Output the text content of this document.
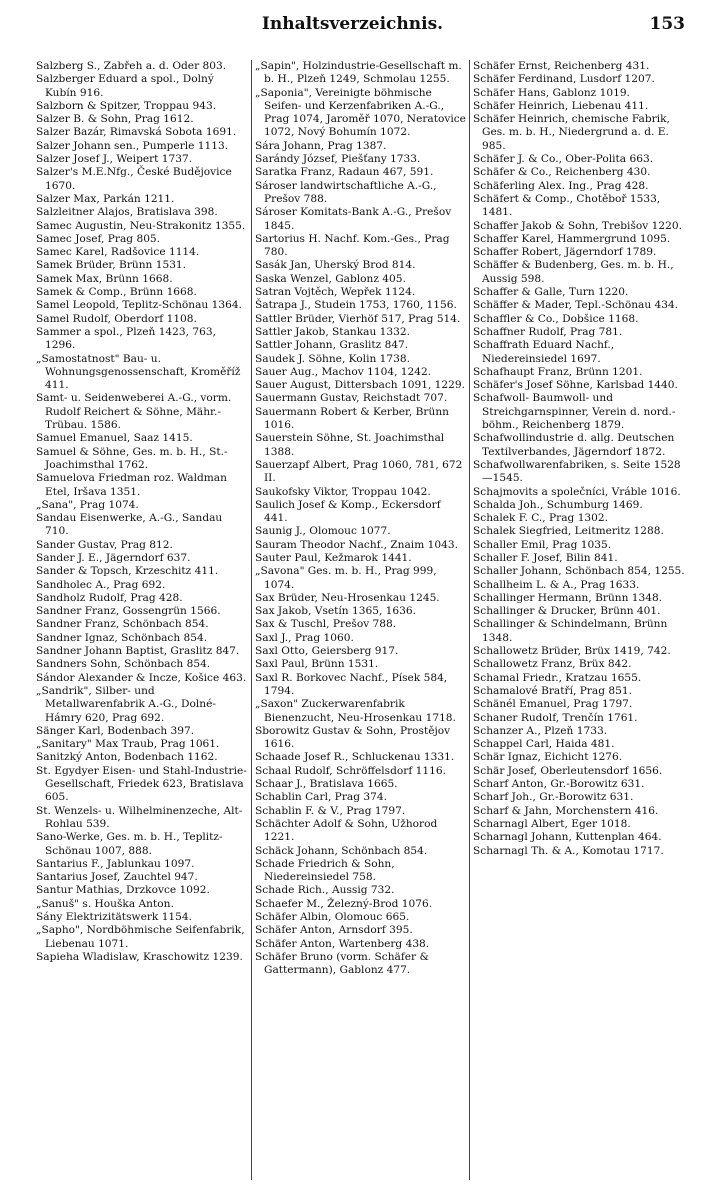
Inhaltsverzeichnis.	153

Salzberg S., Zabřeh a. d. Oder 803.

Salzberger Eduard a spol., Dolný Kubín 916.

Salzborn & Spitzer, Troppau 943.

Salzer B. & Sohn, Prag 1612.

Salzer Bazár, Rimavská Sobota 1691.

Salzer Johann sen., Pumperle 1113.

Salzer Josef J., Weipert 1737.

Salzer's M.E.Nfg., České Budějovice 1670.

Salzer Max, Parkán 1211.

Salzleitner Alajos, Bratislava 398.

Samec Augustin, Neu-Strakonitz 1355.

Samec Josef, Prag 805.

Samec Karel, Radšovice 1114.

Samek Brüder, Brünn 1531.

Samek Max, Brünn 1668.

Samek & Comp., Brünn 1668.

Samel Leopold, Teplitz-Schönau 1364.

Samel Rudolf, Oberdorf 1108.

Sammer a spol., Plzeň 1423, 763, 1296.

„Samostatnost" Bau- u. Wohnungsgenossenschaft, Kroměříž 411.

Samt- u. Seidenweberei A.-G., vorm. Rudolf Reichert & Söhne, Mähr.-Trübau. 1586.

Samuel Emanuel, Saaz 1415.

Samuel & Söhne, Ges. m. b. H., St.-Joachimsthal 1762.

Samuelova Friedman roz. Waldman Etel, Iršava 1351.

„Sana", Prag 1074.

Sandau Eisenwerke, A.-G., Sandau 710.

Sander Gustav, Prag 812.

Sander J. E., Jägerndorf 637.

Sander & Topsch, Krzeschitz 411.

Sandholec A., Prag 692.

Sandholz Rudolf, Prag 428.

Sandner Franz, Gossengrün 1566.

Sandner Franz, Schönbach 854.

Sandner Ignaz, Schönbach 854.

Sandner Johann Baptist, Graslitz 847.

Sandners Sohn, Schönbach 854.

Sándor Alexander & Incze, Košice 463.

„Sandrik", Silber- und Metallwarenfabrik A.-G., Dolné-Hámry 620, Prag 692.

Sänger Karl, Bodenbach 397.

„Sanitary" Max Traub, Prag 1061.

Sanitzký Anton, Bodenbach 1162.

St. Egydyer Eisen- und Stahl-Industrie-Gesellschaft, Friedek 623, Bratislava 605.

St. Wenzels- u. Wilhelminenzeche, Alt-Rohlau 539.

Sano-Werke, Ges. m. b. H., Teplitz-Schönau 1007, 888.

Santarius F., Jablunkau 1097.

Santarius Josef, Zauchtel 947.

Santur Mathias, Drzkovce 1092.

„Sanuš" s. Houška Anton.

Sány Elektrizitätswerk 1154.

„Sapho", Nordböhmische Seifenfabrik, Liebenau 1071.

Sapieha Wladislaw, Kraschowitz 1239.

„Sapin", Holzindustrie-Gesellschaft m. b. H., Plzeň 1249, Schmolau 1255.

„Saponia", Vereinigte böhmische Seifen- und Kerzenfabriken A.-G., Prag 1074, Jaroměř 1070, Neratovice 1072, Nový Bohumín 1072.

Sára Johann, Prag 1387.

Sarándy József, Piešťany 1733.

Saratka Franz, Radaun 467, 591.

Sároser landwirtschaftliche A.-G., Prešov 788.

Sároser Komitats-Bank A.-G., Prešov 1845.

Sartorius H. Nachf. Kom.-Ges., Prag 780.

Sasák Jan, Uherský Brod 814.

Saska Wenzel, Gablonz 405.

Satran Vojtěch, Wepřek 1124.

Šatrapa J., Studein 1753, 1760, 1156.

Sattler Brüder, Vierhöf 517, Prag 514.

Sattler Jakob, Stankau 1332.

Sattler Johann, Graslitz 847.

Saudek J. Söhne, Kolin 1738.

Sauer Aug., Machov 1104, 1242.

Sauer August, Dittersbach 1091, 1229.

Sauermann Gustav, Reichstadt 707.

Sauermann Robert & Kerber, Brünn 1016.

Sauerstein Söhne, St. Joachimsthal 1388.

Sauerzapf Albert, Prag 1060, 781, 672 II.

Saukofsky Viktor, Troppau 1042.

Saulich Josef & Komp., Eckersdorf 441.

Saunig J., Olomouc 1077.

Sauram Theodor Nachf., Znaim 1043.

Sauter Paul, Kežmarok 1441.

„Savona" Ges. m. b. H., Prag 999, 1074.

Sax Brüder, Neu-Hrosenkau 1245.

Sax Jakob, Vsetín 1365, 1636.

Sax & Tuschl, Prešov 788.

Saxl J., Prag 1060.

Saxl Otto, Geiersberg 917.

Saxl Paul, Brünn 1531.

Saxl R. Borkovec Nachf., Písek 584, 1794.

„Saxon" Zuckerwarenfabrik Bienenzucht, Neu-Hrosenkau 1718.

Sborowitz Gustav & Sohn, Prostějov 1616.

Schaade Josef R., Schluckenau 1331.

Schaal Rudolf, Schröffelsdorf 1116.

Schaar J., Bratislava 1665.

Schablin Carl, Prag 374.

Schablin F. & V., Prag 1797.

Schächter Adolf & Sohn, Užhorod 1221.

Schäck Johann, Schönbach 854.

Schade Friedrich & Sohn, Niedereinsiedel 758.

Schade Rich., Aussig 732.

Schaefer M., Železný-Brod 1076.

Schäfer Albin, Olomouc 665.

Schäfer Anton, Arnsdorf 395.

Schäfer Anton, Wartenberg 438.

Schäfer Bruno (vorm. Schäfer & Gattermann), Gablonz 477.

Schäfer Ernst, Reichenberg 431.

Schäfer Ferdinand, Lusdorf 1207.

Schäfer Hans, Gablonz 1019.

Schäfer Heinrich, Liebenau 411.

Schäfer Heinrich, chemische Fabrik, Ges. m. b. H., Niedergrund a. d. E. 985.

Schäfer J. & Co., Ober-Polita 663.

Schäfer & Co., Reichenberg 430.

Schäferling Alex. Ing., Prag 428.

Schäfert & Comp., Chotěboř 1533, 1481.

Schaffer Jakob & Sohn, Trebišov 1220.

Schaffer Karel, Hammergrund 1095.

Schaffer Robert, Jägerndorf 1789.

Schäffer & Budenberg, Ges. m. b. H., Aussig 598.

Schaffer & Galle, Turn 1220.

Schäffer & Mader, Tepl.-Schönau 434.

Schaffler & Co., Dobšice 1168.

Schaffner Rudolf, Prag 781.

Schaffrath Eduard Nachf., Niedereinsiedel 1697.

Schafhaupt Franz, Brünn 1201.

Schäfer's Josef Söhne, Karlsbad 1440.

Schafwoll- Baumwoll- und Streichgarnspinner, Verein d. nord.-böhm., Reichenberg 1879.

Schafwollindustrie d. allg. Deutschen Textilverbandes, Jägerndorf 1872.

Schafwollwarenfabriken, s. Seite 1528—1545.

Schajmovits a společníci, Vráble 1016.

Schalda Joh., Schumburg 1469.

Schalek F. C., Prag 1302.

Schalek Siegfried, Leitmeritz 1288.

Schaller Emil, Prag 1035.

Schaller F. Josef, Bilin 841.

Schaller Johann, Schönbach 854, 1255.

Schallheim L. & A., Prag 1633.

Schallinger Hermann, Brünn 1348.

Schallinger & Drucker, Brünn 401.

Schallinger & Schindelmann, Brünn 1348.

Schallowetz Brüder, Brüx 1419, 742.

Schallowetz Franz, Brüx 842.

Schamal Friedr., Kratzau 1655.

Schamalové Bratří, Prag 851.

Schänél Emanuel, Prag 1797.

Schaner Rudolf, Trenčín 1761.

Schanzer A., Plzeň 1733.

Schappel Carl, Haida 481.

Schär Ignaz, Eichicht 1276.

Schär Josef, Oberleutensdorf 1656.

Scharf Anton, Gr.-Borowitz 631.

Scharf Joh., Gr.-Borowitz 631.

Scharf & Jahn, Morchenstern 416.

Scharnagl Albert, Eger 1018.

Scharnagl Johann, Kuttenplan 464.

Scharnagl Th. & A., Komotau 1717.
